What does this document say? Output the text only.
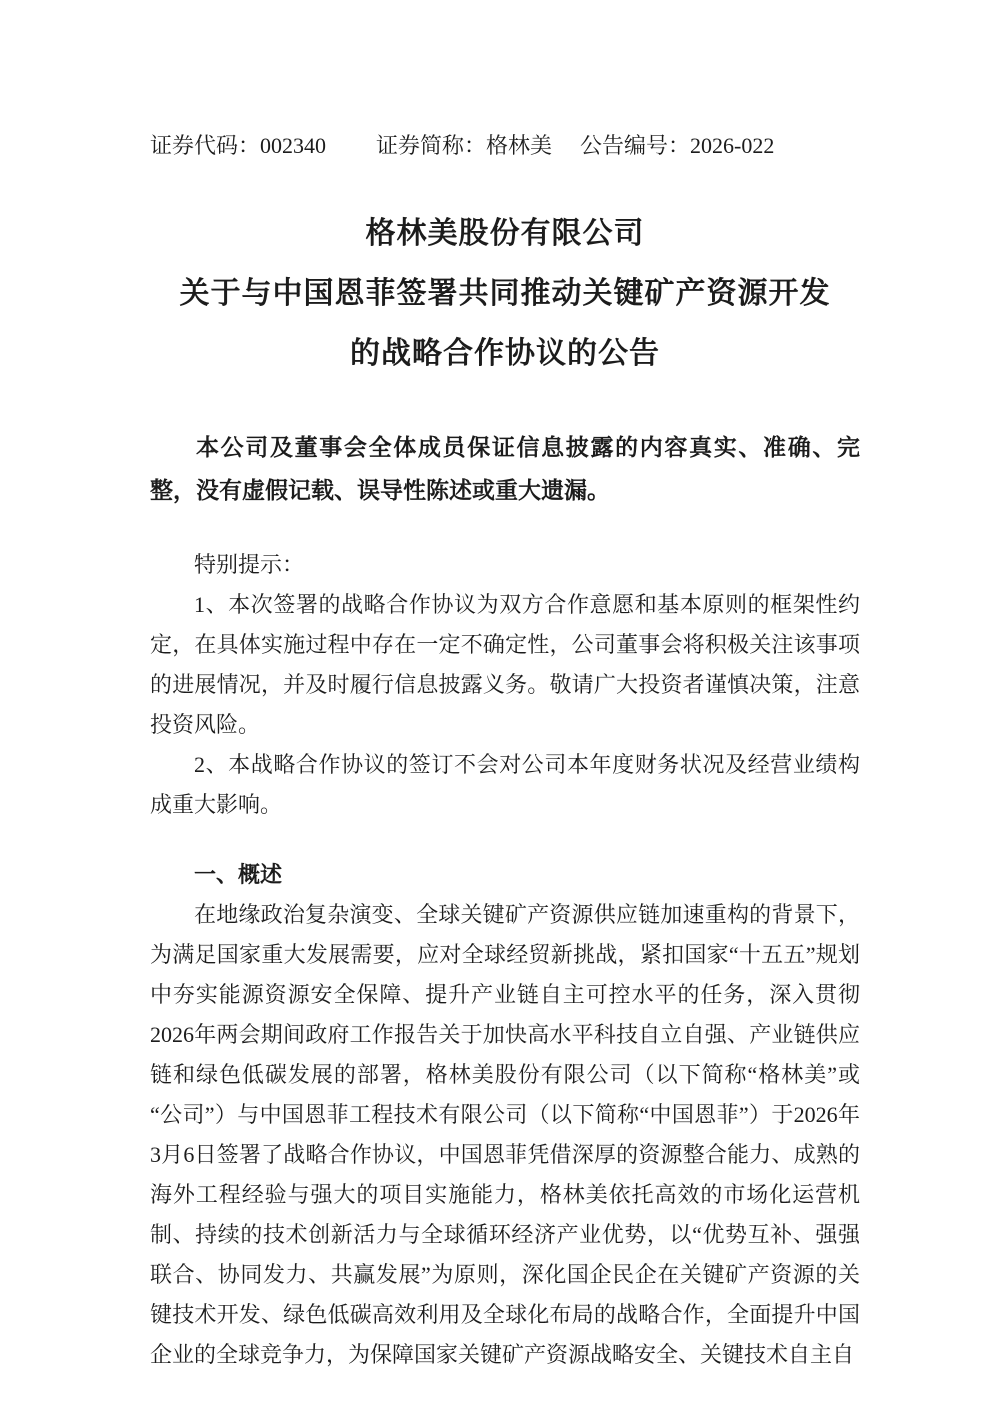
证券代码：002340 证券简称：格林美 公告编号：2026-022
格林美股份有限公司
关于与中国恩菲签署共同推动关键矿产资源开发
的战略合作协议的公告

本公司及董事会全体成员保证信息披露的内容真实、准确、完整，没有虚假记载、误导性陈述或重大遗漏。

特别提示：

1、本次签署的战略合作协议为双方合作意愿和基本原则的框架性约定，在具体实施过程中存在一定不确定性，公司董事会将积极关注该事项的进展情况，并及时履行信息披露义务。敬请广大投资者谨慎决策，注意投资风险。

2、本战略合作协议的签订不会对公司本年度财务状况及经营业绩构成重大影响。

一、概述

在地缘政治复杂演变、全球关键矿产资源供应链加速重构的背景下，为满足国家重大发展需要，应对全球经贸新挑战，紧扣国家“十五五”规划中夯实能源资源安全保障、提升产业链自主可控水平的任务，深入贯彻2026年两会期间政府工作报告关于加快高水平科技自立自强、产业链供应链和绿色低碳发展的部署，格林美股份有限公司（以下简称“格林美”或“公司”）与中国恩菲工程技术有限公司（以下简称“中国恩菲”）于2026年3月6日签署了战略合作协议，中国恩菲凭借深厚的资源整合能力、成熟的海外工程经验与强大的项目实施能力，格林美依托高效的市场化运营机制、持续的技术创新活力与全球循环经济产业优势，以“优势互补、强强联合、协同发力、共赢发展”为原则，深化国企民企在关键矿产资源的关键技术开发、绿色低碳高效利用及全球化布局的战略合作，全面提升中国企业的全球竞争力，为保障国家关键矿产资源战略安全、关键技术自主自
